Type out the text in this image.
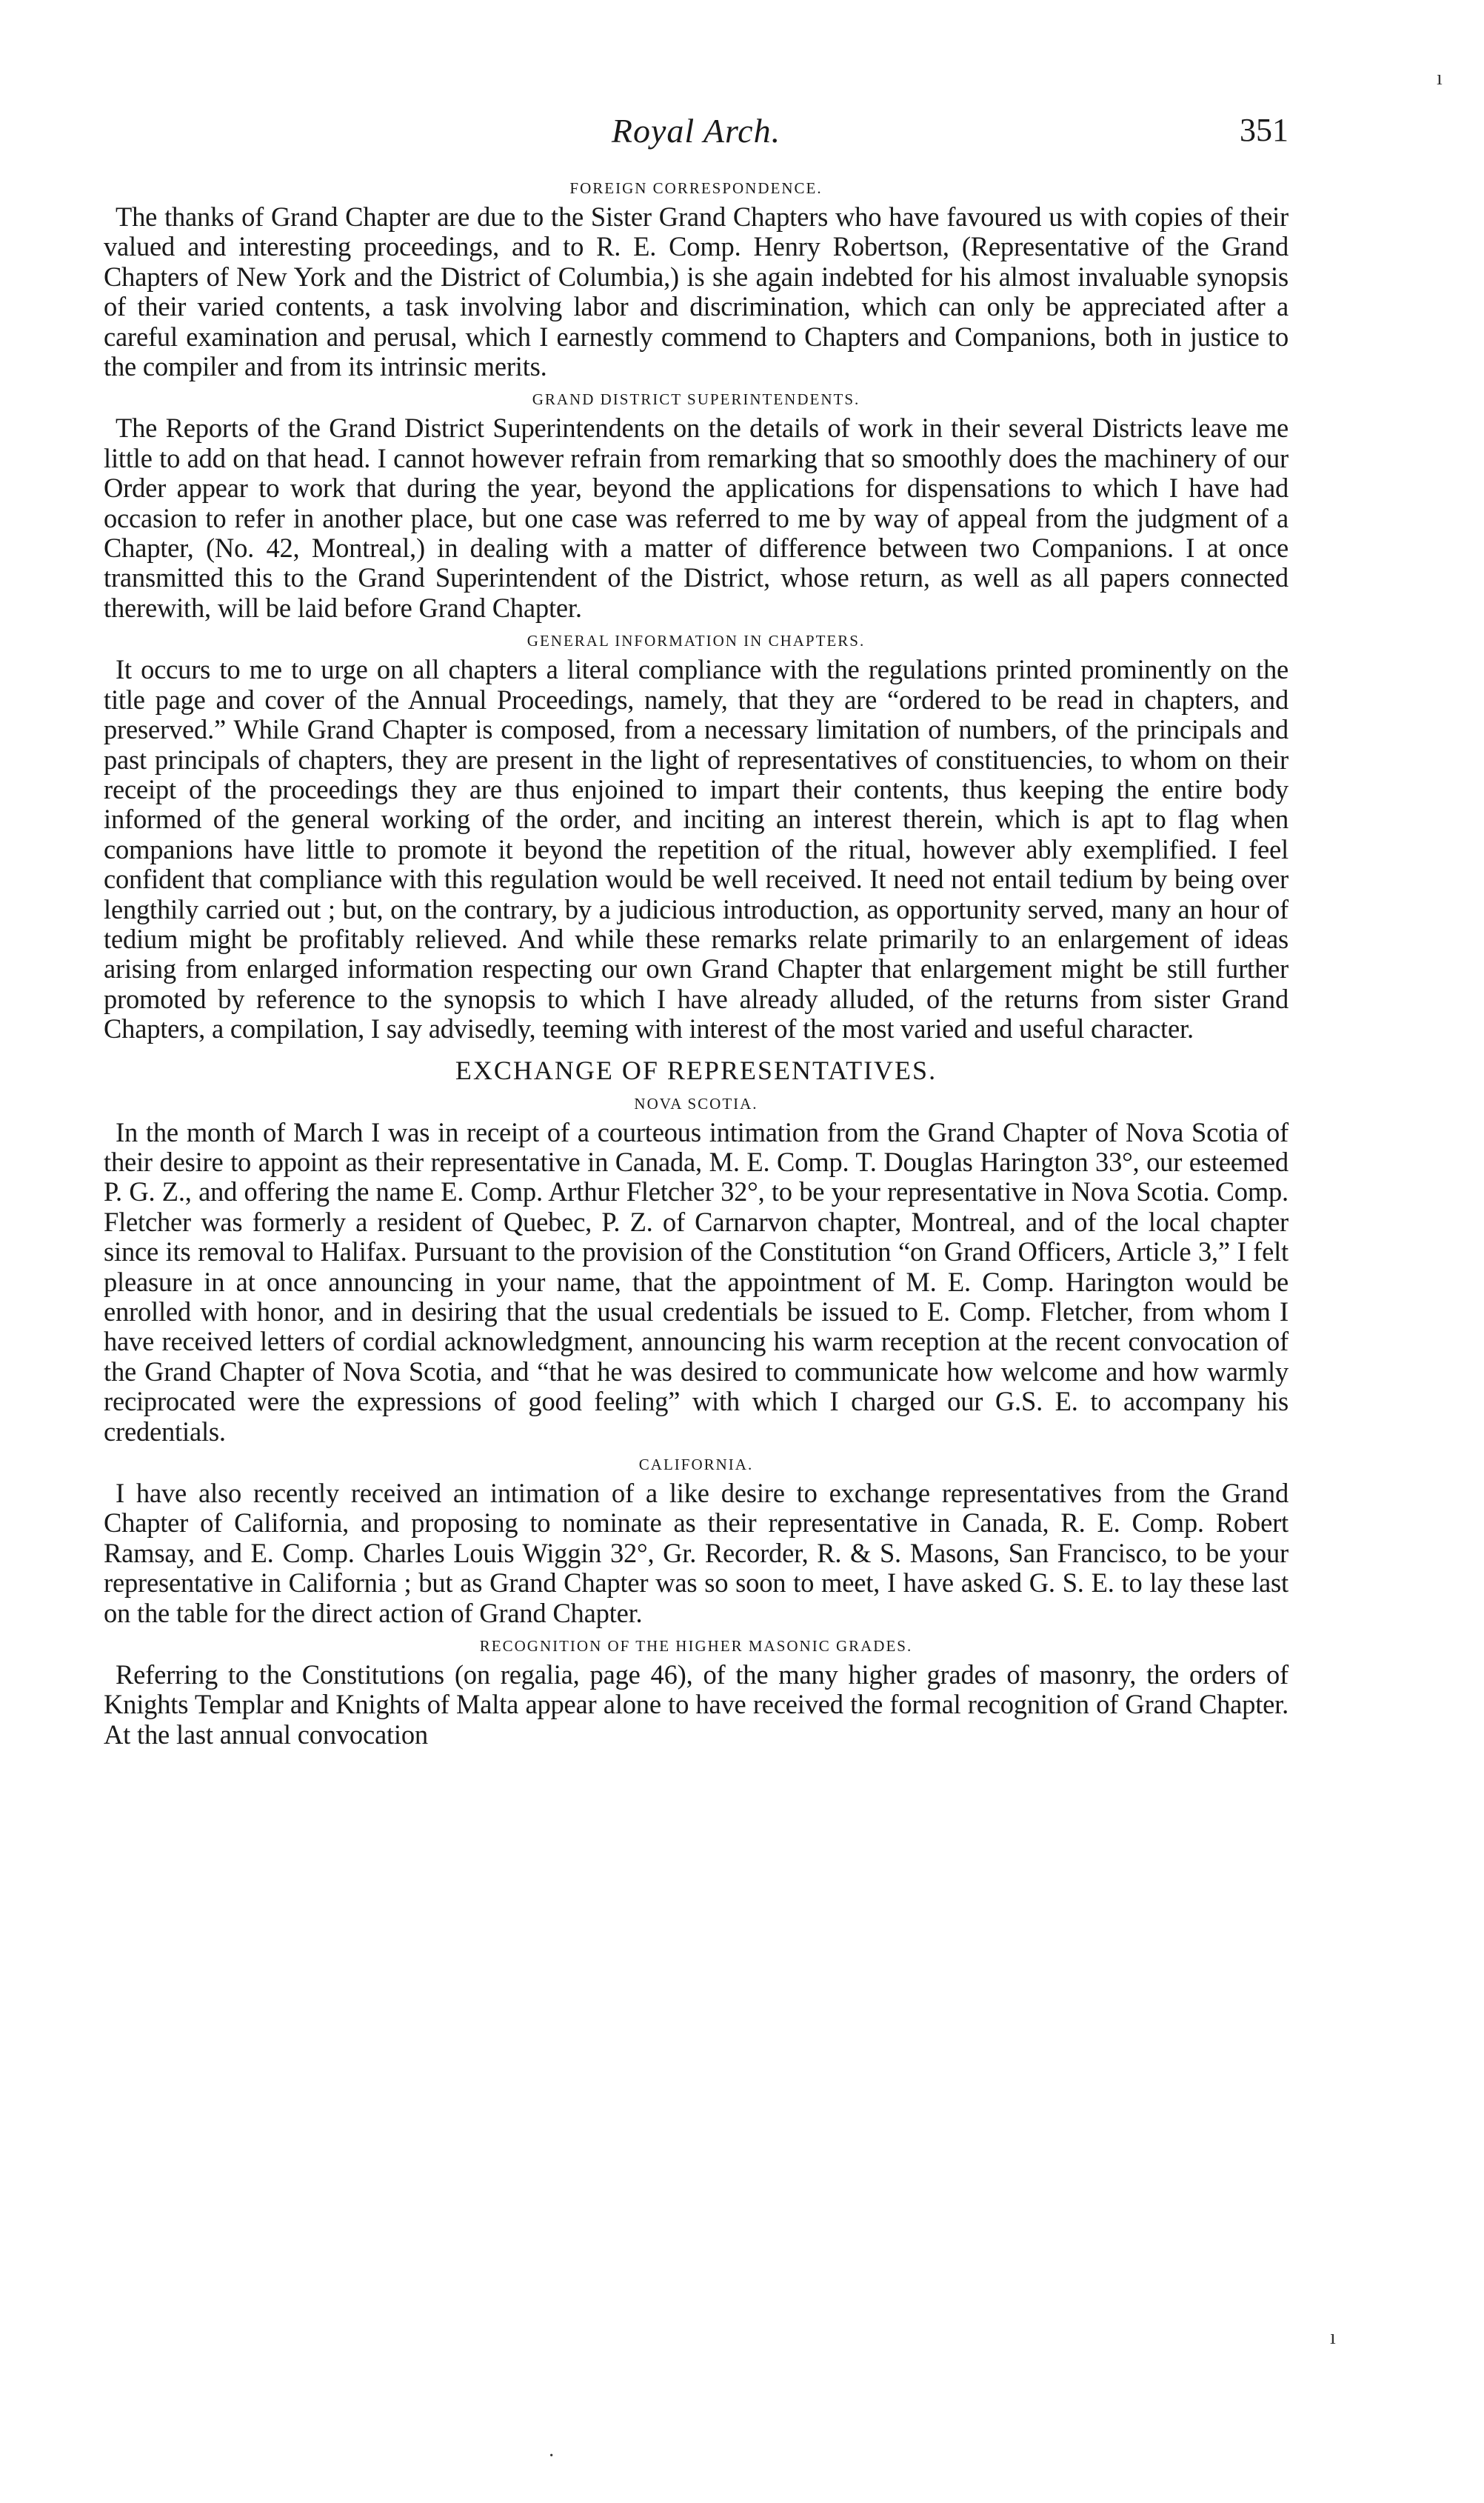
ı
ı
·
Royal Arch.	351
FOREIGN CORRESPONDENCE.

The thanks of Grand Chapter are due to the Sister Grand Chapters who have favoured us with copies of their valued and interesting proceedings, and to R. E. Comp. Henry Robertson, (Representative of the Grand Chapters of New York and the District of Columbia,) is she again indebted for his almost invaluable synopsis of their varied contents, a task involving labor and discrimination, which can only be appreciated after a careful examination and perusal, which I earnestly commend to Chapters and Companions, both in justice to the compiler and from its intrinsic merits.

GRAND DISTRICT SUPERINTENDENTS.

The Reports of the Grand District Superintendents on the details of work in their several Districts leave me little to add on that head. I cannot however refrain from remarking that so smoothly does the machinery of our Order appear to work that during the year, beyond the applications for dispensations to which I have had occasion to refer in another place, but one case was referred to me by way of appeal from the judgment of a Chapter, (No. 42, Montreal,) in dealing with a matter of difference between two Companions. I at once transmitted this to the Grand Superintendent of the District, whose return, as well as all papers connected therewith, will be laid before Grand Chapter.

GENERAL INFORMATION IN CHAPTERS.

It occurs to me to urge on all chapters a literal compliance with the regulations printed prominently on the title page and cover of the Annual Proceedings, namely, that they are “ordered to be read in chapters, and preserved.” While Grand Chapter is composed, from a necessary limitation of numbers, of the principals and past principals of chapters, they are present in the light of representatives of constituencies, to whom on their receipt of the proceedings they are thus enjoined to impart their contents, thus keeping the entire body informed of the general working of the order, and inciting an interest therein, which is apt to flag when companions have little to promote it beyond the repetition of the ritual, however ably exemplified. I feel confident that compliance with this regulation would be well received. It need not entail tedium by being over lengthily carried out ; but, on the contrary, by a judicious introduction, as opportunity served, many an hour of tedium might be profitably relieved. And while these remarks relate primarily to an enlargement of ideas arising from enlarged information respecting our own Grand Chapter that enlargement might be still further promoted by reference to the synopsis to which I have already alluded, of the returns from sister Grand Chapters, a compilation, I say advisedly, teeming with interest of the most varied and useful character.

EXCHANGE OF REPRESENTATIVES.
NOVA SCOTIA.

In the month of March I was in receipt of a courteous intimation from the Grand Chapter of Nova Scotia of their desire to appoint as their representative in Canada, M. E. Comp. T. Douglas Harington 33°, our esteemed P. G. Z., and offering the name E. Comp. Arthur Fletcher 32°, to be your representative in Nova Scotia. Comp. Fletcher was formerly a resident of Quebec, P. Z. of Carnarvon chapter, Montreal, and of the local chapter since its removal to Halifax. Pursuant to the provision of the Constitution “on Grand Officers, Article 3,” I felt pleasure in at once announcing in your name, that the appointment of M. E. Comp. Harington would be enrolled with honor, and in desiring that the usual credentials be issued to E. Comp. Fletcher, from whom I have received letters of cordial acknowledgment, announcing his warm reception at the recent convocation of the Grand Chapter of Nova Scotia, and “that he was desired to communicate how welcome and how warmly reciprocated were the expressions of good feeling” with which I charged our G.S. E. to accompany his credentials.

CALIFORNIA.

I have also recently received an intimation of a like desire to exchange representatives from the Grand Chapter of California, and proposing to nominate as their representative in Canada, R. E. Comp. Robert Ramsay, and E. Comp. Charles Louis Wiggin 32°, Gr. Recorder, R. & S. Masons, San Francisco, to be your representative in California ; but as Grand Chapter was so soon to meet, I have asked G. S. E. to lay these last on the table for the direct action of Grand Chapter.

RECOGNITION OF THE HIGHER MASONIC GRADES.

Referring to the Constitutions (on regalia, page 46), of the many higher grades of masonry, the orders of Knights Templar and Knights of Malta appear alone to have received the formal recognition of Grand Chapter. At the last annual convocation
